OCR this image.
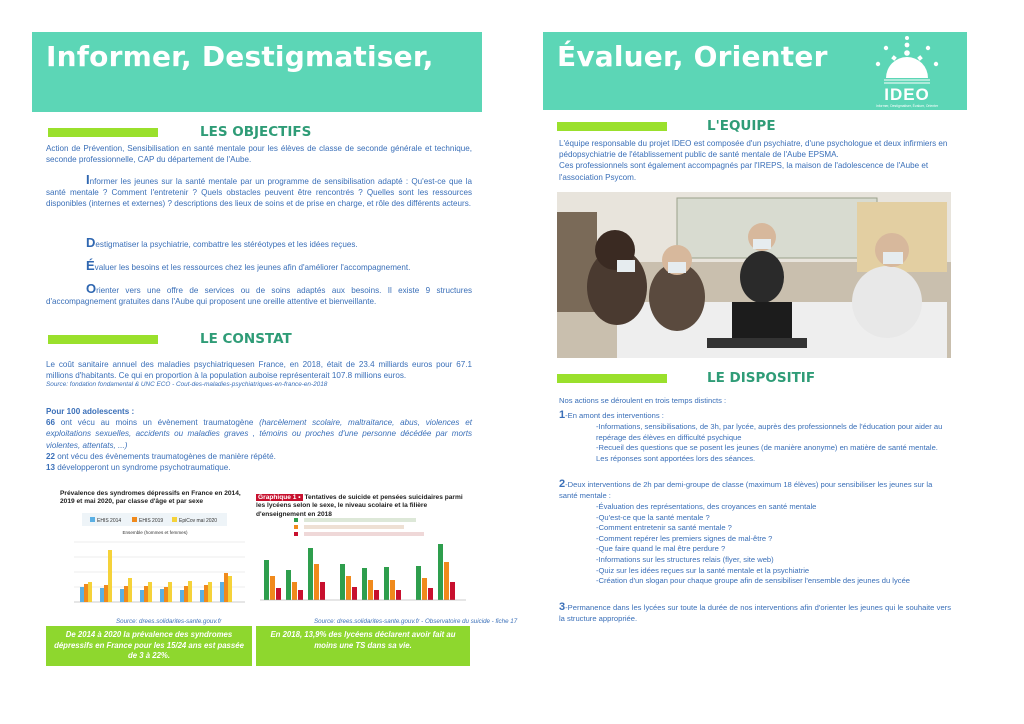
Informer, Destigmatiser,
LES OBJECTIFS
Action de Prévention, Sensibilisation en santé mentale pour les élèves de classe de seconde générale et technique, seconde professionnelle, CAP du département de l'Aube.
Informer les jeunes sur la santé mentale par un programme de sensibilisation adapté : Qu'est-ce que la santé mentale ? Comment l'entretenir ? Quels obstacles peuvent être rencontrés ? Quelles sont les ressources disponibles (internes et externes) ? descriptions des lieux de soins et de prise en charge, et rôle des différents acteurs.
Destigmatiser la psychiatrie, combattre les stéréotypes et les idées reçues.
Évaluer les besoins et les ressources chez les jeunes afin d'améliorer l'accompagnement.
Orienter vers une offre de services ou de soins adaptés aux besoins. Il existe 9 structures d'accompagnement gratuites dans l'Aube qui proposent une oreille attentive et bienveillante.
LE CONSTAT
Le coût sanitaire annuel des maladies psychiatriquesen France, en 2018, était de 23.4 milliards euros pour 67.1 millions d'habitants. Ce qui en proportion à la population auboise représenterait 107.8 millions euros.
Source: fondation fondamental & UNC ECO - Cout-des-maladies-psychiatriques-en-france-en-2018
Pour 100 adolescents :
66 ont vécu au moins un évènement traumatogène (harcèlement scolaire, maltraitance, abus, violences et exploitations sexuelles, accidents ou maladies graves , témoins ou proches d'une personne décédée par morts violentes, attentats, ...)
22 ont vécu des évènements traumatogènes de manière répété.
13 développeront un syndrome psychotraumatique.
Prévalence des syndromes dépressifs en France en 2014, 2019 et mai 2020, par classe d'âge et par sexe
EHIS 2014	EHIS 2019	EpiCov mai 2020
Ensemble (hommes et femmes)
Source: drees.solidarites-sante.gouv.fr
De 2014 à 2020 la prévalence des syndromes dépressifs en France pour les 15/24 ans est passée de 3 à 22%.
Graphique 1 • Tentatives de suicide et pensées suicidaires parmi les lycéens selon le sexe, le niveau scolaire et la filière d'enseignement en 2018
Source: drees.solidarites-sante.gouv.fr - Observatoire du suicide - fiche 17
En 2018, 13,9% des lycéens déclarent avoir fait au moins une TS dans sa vie.
Évaluer, Orienter
IDEO
Informer, Destigmatiser, Évaluer, Orienter
L'EQUIPE
L'équipe responsable du projet IDEO est composée d'un psychiatre, d'une psychologue et deux infirmiers en pédopsychiatrie de l'établissement public de santé mentale de l'Aube EPSMA.
Ces professionnels sont également accompagnés par l'IREPS, la maison de l'adolescence de l'Aube et l'association Psycom.
LE DISPOSITIF
Nos actions se déroulent en trois temps distincts :
1-En amont des interventions :
-Informations, sensibilisations, de 3h, par lycée, auprès des professionnels de l'éducation pour aider au repérage des élèves en difficulté psychique
-Recueil des questions que se posent les jeunes (de manière anonyme) en matière de santé mentale. Les réponses sont apportées lors des séances.
2-Deux interventions de 2h par demi-groupe de classe (maximum 18 élèves) pour sensibiliser les jeunes sur la santé mentale :
-Évaluation des représentations, des croyances en santé mentale
-Qu'est-ce que la santé mentale ?
-Comment entretenir sa santé mentale ?
-Comment repérer les premiers signes de mal-être ?
-Que faire quand le mal être perdure ?
-Informations sur les structures relais (flyer, site web)
-Quiz sur les idées reçues sur la santé mentale et la psychiatrie
-Création d'un slogan pour chaque groupe afin de sensibiliser l'ensemble des jeunes du lycée
3-Permanence dans les lycées sur toute la durée de nos interventions afin d'orienter les jeunes qui le souhaite vers la structure appropriée.
